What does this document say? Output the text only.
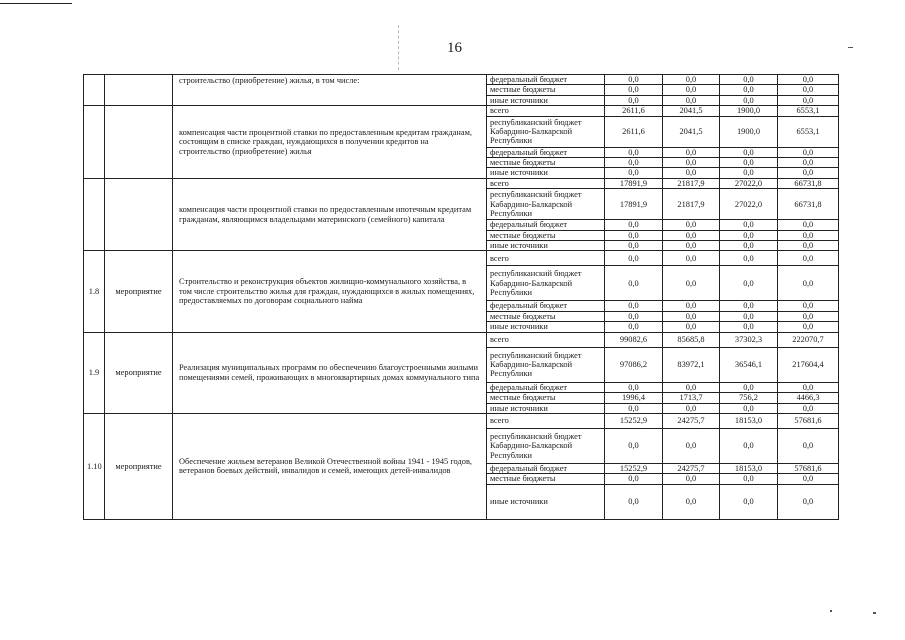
16
		строительство (приобретение) жилья, в том числе:	федеральный бюджет	0,0	0,0	0,0	0,0
			местные бюджеты	0,0	0,0	0,0	0,0
			иные источники	0,0	0,0	0,0	0,0
		компенсация части процентной ставки по предоставленным кредитам гражданам, состоящим в списке граждан, нуждающихся в получении кредитов на строительство (приобретение) жилья	всего	2611,6	2041,5	1900,0	6553,1
			республиканский бюджет Кабардино-Балкарской Республики	2611,6	2041,5	1900,0	6553,1
			федеральный бюджет	0,0	0,0	0,0	0,0
			местные бюджеты	0,0	0,0	0,0	0,0
			иные источники	0,0	0,0	0,0	0,0
		компенсация части процентной ставки по предоставленным ипотечным кредитам гражданам, являющимся владельцами материнского (семейного) капитала	всего	17891,9	21817,9	27022,0	66731,8
			республиканский бюджет Кабардино-Балкарской Республики	17891,9	21817,9	27022,0	66731,8
			федеральный бюджет	0,0	0,0	0,0	0,0
			местные бюджеты	0,0	0,0	0,0	0,0
			иные источники	0,0	0,0	0,0	0,0
1.8	мероприятие	Строительство и реконструкция объектов жилищно-коммунального хозяйства, в том числе строительство жилья для граждан, нуждающихся в жилых помещениях, предоставляемых по договорам социального найма	всего	0,0	0,0	0,0	0,0
			республиканский бюджет Кабардино-Балкарской Республики	0,0	0,0	0,0	0,0
			федеральный бюджет	0,0	0,0	0,0	0,0
			местные бюджеты	0,0	0,0	0,0	0,0
			иные источники	0,0	0,0	0,0	0,0
1.9	мероприятие	Реализация муниципальных программ по обеспечению благоустроенными жилыми помещениями семей, проживающих в многоквартирных домах коммунального типа	всего	99082,6	85685,8	37302,3	222070,7
			республиканский бюджет Кабардино-Балкарской Республики	97086,2	83972,1	36546,1	217604,4
			федеральный бюджет	0,0	0,0	0,0	0,0
			местные бюджеты	1996,4	1713,7	756,2	4466,3
			иные источники	0,0	0,0	0,0	0,0
1.10	мероприятие	Обеспечение жильем ветеранов Великой Отечественной войны 1941 - 1945 годов, ветеранов боевых действий, инвалидов и семей, имеющих детей-инвалидов	всего	15252,9	24275,7	18153,0	57681,6
			республиканский бюджет Кабардино-Балкарской Республики	0,0	0,0	0,0	0,0
			федеральный бюджет	15252,9	24275,7	18153,0	57681,6
			местные бюджеты	0,0	0,0	0,0	0,0
			иные источники	0,0	0,0	0,0	0,0
